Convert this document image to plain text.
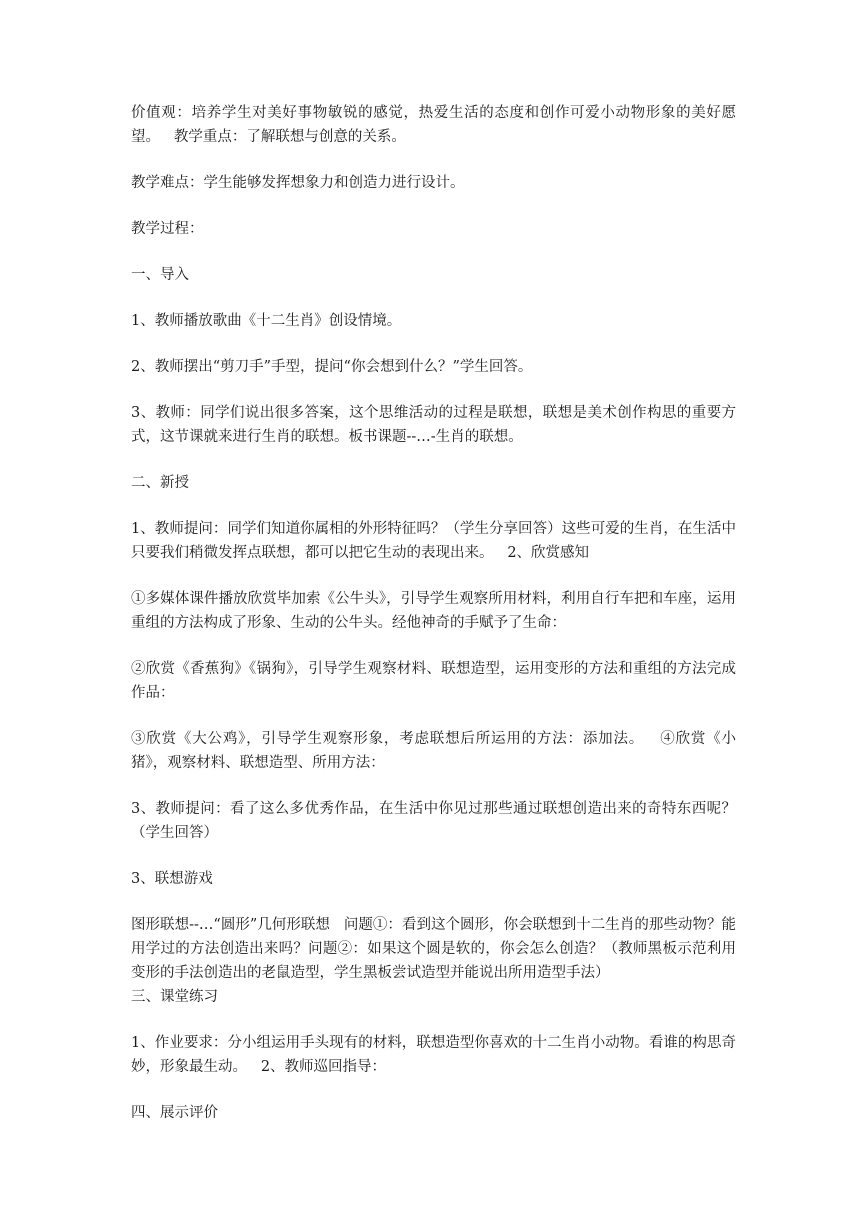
价值观：培养学生对美好事物敏锐的感觉，热爱生活的态度和创作可爱小动物形象的美好愿望。   教学重点：了解联想与创意的关系。

教学难点：学生能够发挥想象力和创造力进行设计。

教学过程：

一、导入

1、教师播放歌曲《十二生肖》创设情境。

2、教师摆出“剪刀手”手型，提问“你会想到什么？”学生回答。

3、教师：同学们说出很多答案，这个思维活动的过程是联想，联想是美术创作构思的重要方式，这节课就来进行生肖的联想。板书课题--…-生肖的联想。

二、新授

1、教师提问：同学们知道你属相的外形特征吗？（学生分享回答）这些可爱的生肖，在生活中只要我们稍微发挥点联想，都可以把它生动的表现出来。   2、欣赏感知

①多媒体课件播放欣赏毕加索《公牛头》，引导学生观察所用材料，利用自行车把和车座，运用重组的方法构成了形象、生动的公牛头。经他神奇的手赋予了生命：

②欣赏《香蕉狗》《锅狗》，引导学生观察材料、联想造型，运用变形的方法和重组的方法完成作品：

③欣赏《大公鸡》，引导学生观察形象，考虑联想后所运用的方法：添加法。   ④欣赏《小猪》，观察材料、联想造型、所用方法：

3、教师提问：看了这么多优秀作品，在生活中你见过那些通过联想创造出来的奇特东西呢？（学生回答）

3、联想游戏

图形联想--…“圆形”几何形联想   问题①：看到这个圆形，你会联想到十二生肖的那些动物？能用学过的方法创造出来吗？问题②：如果这个圆是软的，你会怎么创造？（教师黑板示范利用变形的手法创造出的老鼠造型，学生黑板尝试造型并能说出所用造型手法）

三、课堂练习

1、作业要求：分小组运用手头现有的材料，联想造型你喜欢的十二生肖小动物。看谁的构思奇妙，形象最生动。   2、教师巡回指导：

四、展示评价
